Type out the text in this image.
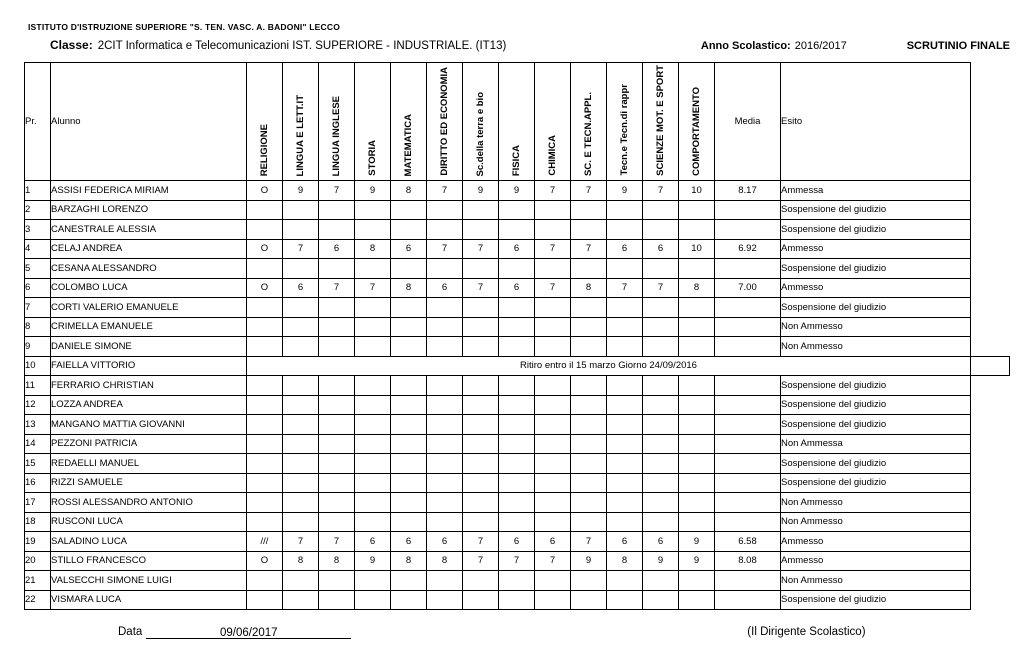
ISTITUTO D'ISTRUZIONE SUPERIORE "S. TEN. VASC. A. BADONI" LECCO
Classe: 2CIT Informatica e Telecomunicazioni IST. SUPERIORE - INDUSTRIALE. (IT13)	Anno Scolastico: 2016/2017	SCRUTINIO FINALE
Pr.	Alunno	RELIGIONE	LINGUA E LETT.IT	LINGUA INGLESE	STORIA	MATEMATICA	DIRITTO ED ECONOMIA	Sc.della terra e bio	FISICA	CHIMICA	SC. E TECN.APPL.	Tecn.e Tecn.di rappr	SCIENZE MOT. E SPORT	COMPORTAMENTO	Media	Esito	
1	ASSISI FEDERICA MIRIAM	O	9	7	9	8	7	9	9	7	7	9	7	10	8.17	Ammessa	
2	BARZAGHI LORENZO															Sospensione del giudizio	
3	CANESTRALE ALESSIA															Sospensione del giudizio	
4	CELAJ ANDREA	O	7	6	8	6	7	7	6	7	7	6	6	10	6.92	Ammesso	
5	CESANA ALESSANDRO															Sospensione del giudizio	
6	COLOMBO LUCA	O	6	7	7	8	6	7	6	7	8	7	7	8	7.00	Ammesso	
7	CORTI VALERIO EMANUELE															Sospensione del giudizio	
8	CRIMELLA EMANUELE															Non Ammesso	
9	DANIELE SIMONE															Non Ammesso	
10	FAIELLA VITTORIO	Ritiro entro il 15 marzo Giorno 24/09/2016															
11	FERRARIO CHRISTIAN															Sospensione del giudizio	
12	LOZZA ANDREA															Sospensione del giudizio	
13	MANGANO MATTIA GIOVANNI															Sospensione del giudizio	
14	PEZZONI PATRICIA															Non Ammessa	
15	REDAELLI MANUEL															Sospensione del giudizio	
16	RIZZI SAMUELE															Sospensione del giudizio	
17	ROSSI ALESSANDRO ANTONIO															Non Ammesso	
18	RUSCONI LUCA															Non Ammesso	
19	SALADINO LUCA	///	7	7	6	6	6	7	6	6	7	6	6	9	6.58	Ammesso	
20	STILLO FRANCESCO	O	8	8	9	8	8	7	7	7	9	8	9	9	8.08	Ammesso	
21	VALSECCHI SIMONE LUIGI															Non Ammesso	
22	VISMARA LUCA															Sospensione del giudizio	
Data	09/06/2017	(Il Dirigente Scolastico)
